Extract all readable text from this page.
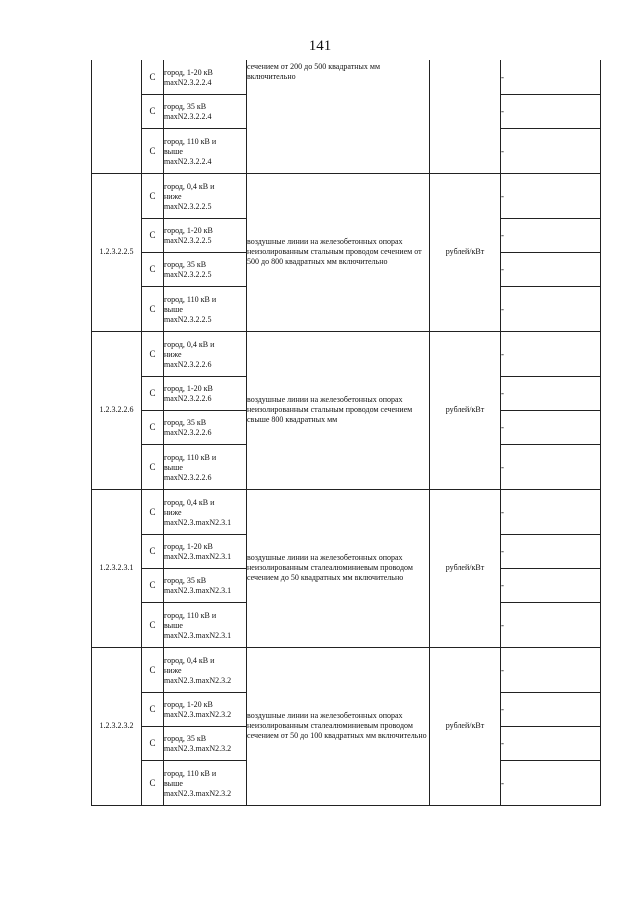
141
	С	город, 1-20 кВ
maxN2.3.2.2.4	сечением от 200 до 500 квадратных мм включительно		-
	С	город, 35 кВ
maxN2.3.2.2.4			-
	С	город, 110 кВ и
выше
maxN2.3.2.2.4			-
1.2.3.2.2.5	С	город, 0,4 кВ и
ниже
maxN2.3.2.2.5	воздушные линии на железобетонных опорах неизолированным стальным проводом сечением от 500 до 800 квадратных мм включительно	рублей/кВт	-
	С	город, 1-20 кВ
maxN2.3.2.2.5			-
	С	город, 35 кВ
maxN2.3.2.2.5			-
	С	город, 110 кВ и
выше
maxN2.3.2.2.5			-
1.2.3.2.2.6	С	город, 0,4 кВ и
ниже
maxN2.3.2.2.6	воздушные линии на железобетонных опорах неизолированным стальным проводом сечением свыше 800 квадратных мм	рублей/кВт	-
	С	город, 1-20 кВ
maxN2.3.2.2.6			-
	С	город, 35 кВ
maxN2.3.2.2.6			-
	С	город, 110 кВ и
выше
maxN2.3.2.2.6			-
1.2.3.2.3.1	С	город, 0,4 кВ и
ниже
maxN2.3.maxN2.3.1	воздушные линии на железобетонных опорах неизолированным сталеалюминиевым проводом сечением до 50 квадратных мм включительно	рублей/кВт	-
	С	город, 1-20 кВ
maxN2.3.maxN2.3.1			-
	С	город, 35 кВ
maxN2.3.maxN2.3.1			-
	С	город, 110 кВ и
выше
maxN2.3.maxN2.3.1			-
1.2.3.2.3.2	С	город, 0,4 кВ и
ниже
maxN2.3.maxN2.3.2	воздушные линии на железобетонных опорах неизолированным сталеалюминиевым проводом сечением от 50 до 100 квадратных мм включительно	рублей/кВт	-
	С	город, 1-20 кВ
maxN2.3.maxN2.3.2			-
	С	город, 35 кВ
maxN2.3.maxN2.3.2			-
	С	город, 110 кВ и
выше
maxN2.3.maxN2.3.2			-
